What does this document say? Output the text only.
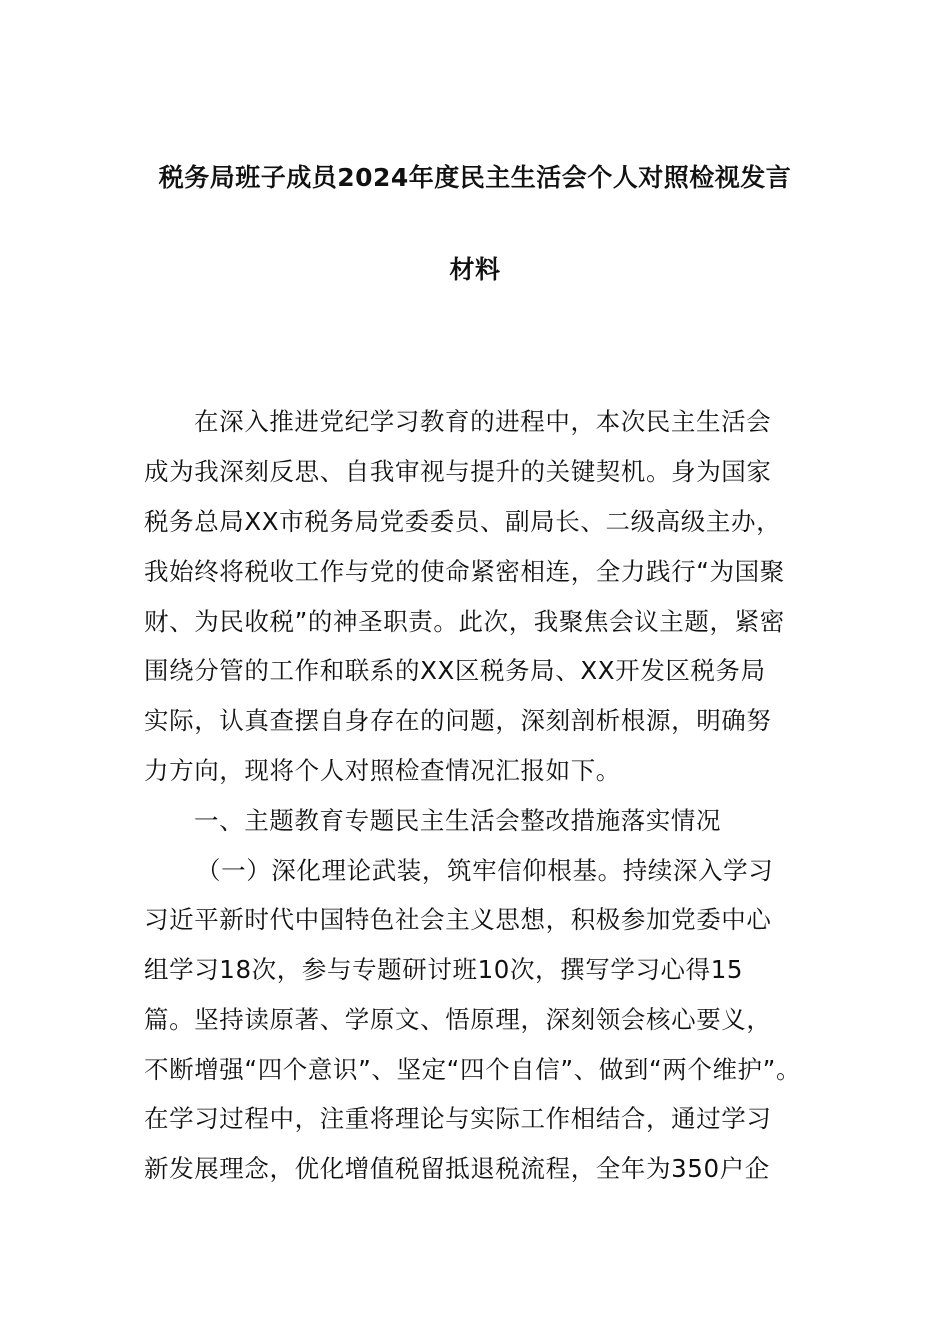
税务局班子成员2024年度民主生活会个人对照检视发言
材料
在深入推进党纪学习教育的进程中，本次民主生活会
成为我深刻反思、自我审视与提升的关键契机。身为国家
税务总局XX市税务局党委委员、副局长、二级高级主办，
我始终将税收工作与党的使命紧密相连，全力践行“为国聚
财、为民收税”的神圣职责。此次，我聚焦会议主题，紧密
围绕分管的工作和联系的XX区税务局、XX开发区税务局
实际，认真查摆自身存在的问题，深刻剖析根源，明确努
力方向，现将个人对照检查情况汇报如下。
一、主题教育专题民主生活会整改措施落实情况
（一）深化理论武装，筑牢信仰根基。持续深入学习
习近平新时代中国特色社会主义思想，积极参加党委中心
组学习18次，参与专题研讨班10次，撰写学习心得15
篇。坚持读原著、学原文、悟原理，深刻领会核心要义，
不断增强“四个意识”、坚定“四个自信”、做到“两个维护”。
在学习过程中，注重将理论与实际工作相结合，通过学习
新发展理念，优化增值税留抵退税流程，全年为350户企
